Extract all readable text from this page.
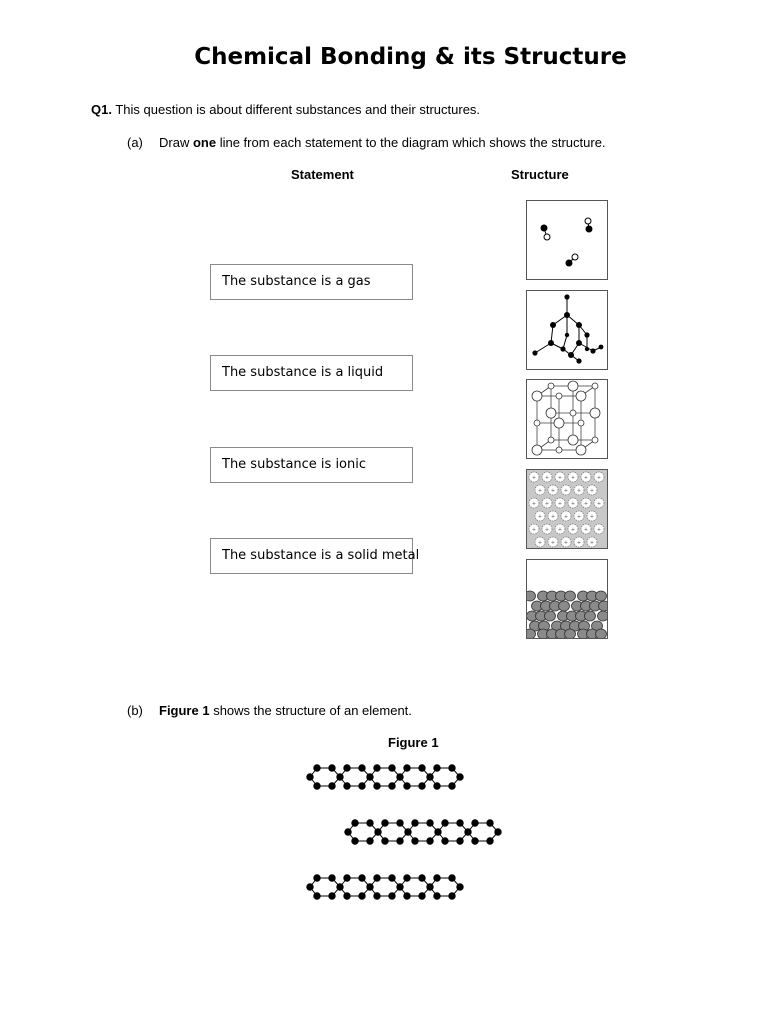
Chemical Bonding & its Structure
Q1. This question is about different substances and their structures.
(a) Draw one line from each statement to the diagram which shows the structure.
Statement	Structure
The substance is a gas
The substance is a liquid
The substance is ionic
The substance is a solid metal
+ + + + + +
+ + + + +
+ + + + + +
+ + + + +
+ + + + + +
+ + + + +
(b) Figure 1 shows the structure of an element.
Figure 1
